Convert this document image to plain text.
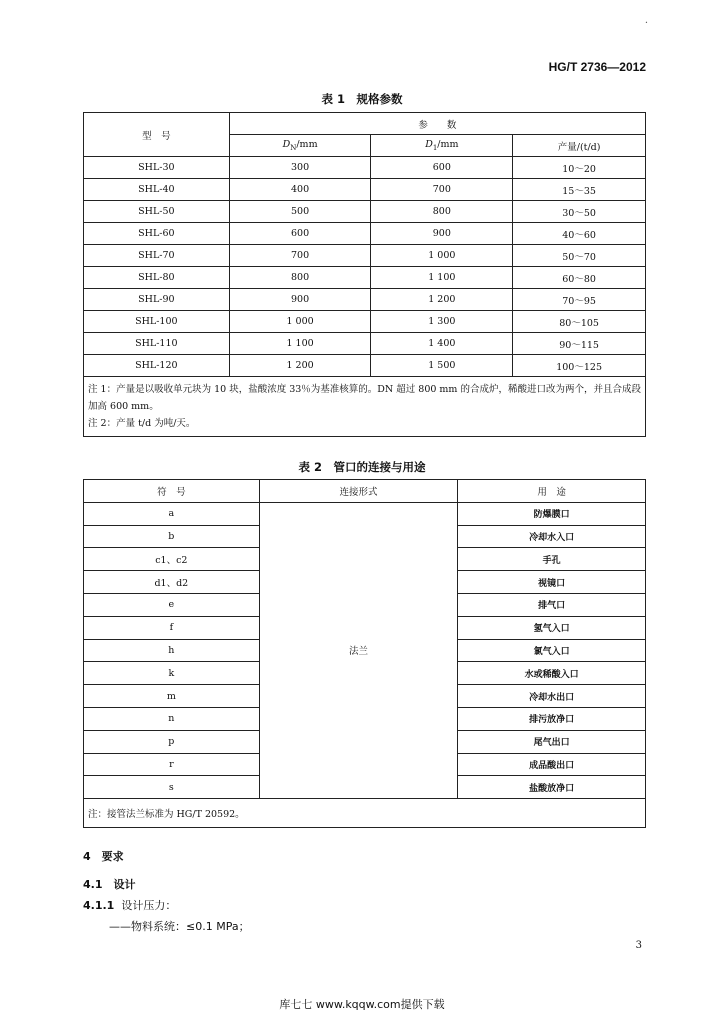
·
HG/T 2736—2012
表 1　规格参数
型　号	参　　数		
	$D_N/mm$	$D_1/mm$	产量/(t/d)
SHL-30	300	600	10～20
SHL-40	400	700	15～35
SHL-50	500	800	30～50
SHL-60	600	900	40～60
SHL-70	700	1 000	50～70
SHL-80	800	1 100	60～80
SHL-90	900	1 200	70～95
SHL-100	1 000	1 300	80～105
SHL-110	1 100	1 400	90～115
SHL-120	1 200	1 500	100～125

注 1：产量是以吸收单元块为 10 块，盐酸浓度 33％为基准核算的。DN 超过 800 mm 的合成炉，稀酸进口改为两个，并且合成段加高 600 mm。
注 2：产量 t/d 为吨/天。			
表 2　管口的连接与用途
符　号	连接形式	用　途
a	法兰	防爆膜口
b		冷却水入口
c1、c2		手孔
d1、d2		视镜口
e		排气口
f		氢气入口
h		氯气入口
k		水或稀酸入口
m		冷却水出口
n		排污放净口
p		尾气出口
r		成品酸出口
s		盐酸放净口
注：接管法兰标准为 HG/T 20592。		
4　要求
4.1　设计
4.1.1 设计压力：
——物料系统：≤0.1 MPa；
3
库七七 www.kqqw.com提供下载
